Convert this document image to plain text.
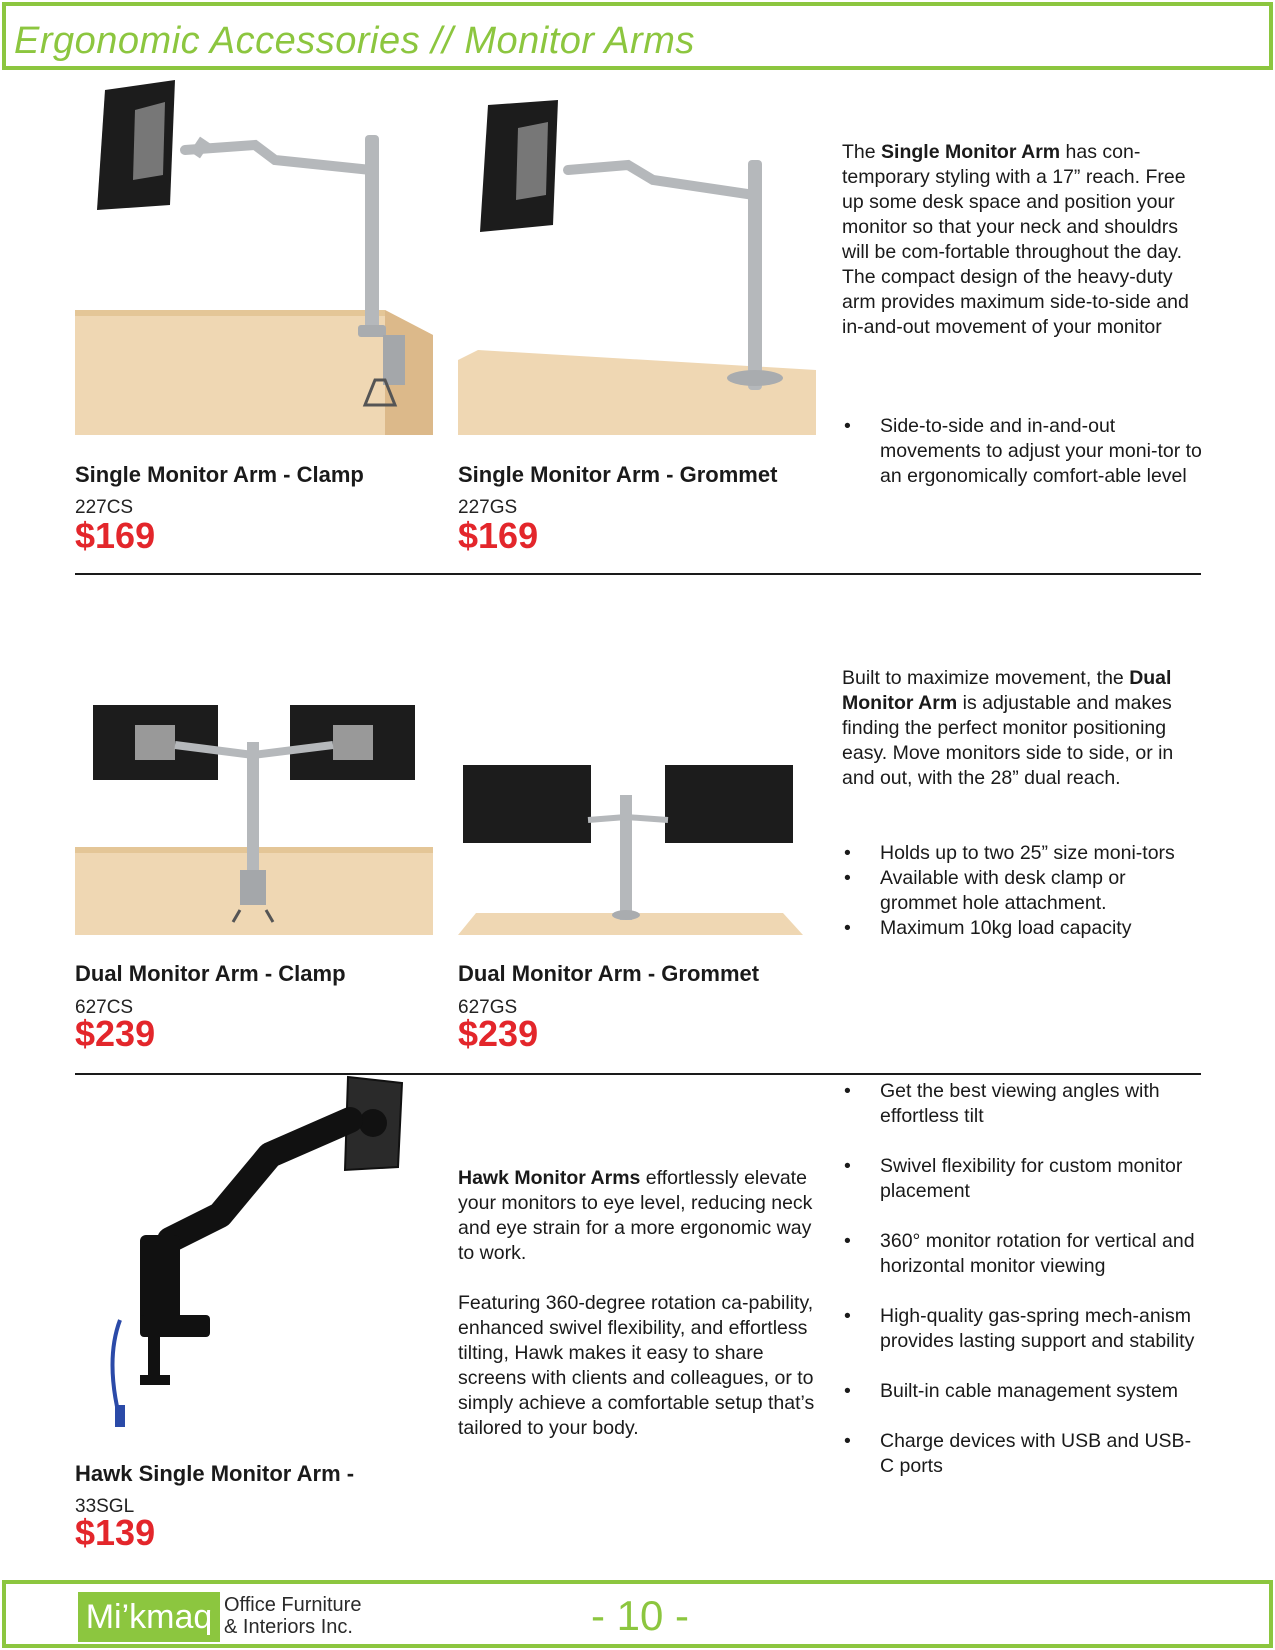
Ergonomic Accessories // Monitor Arms
Single Monitor Arm - Clamp
227CS
$169
Single Monitor Arm - Grommet
227GS
$169
The Single Monitor Arm has con-temporary styling with a 17” reach. Free up some desk space and position your monitor so that your neck and shouldrs will be com-fortable throughout the day. The compact design of the heavy-duty arm provides maximum side-to-side and in-and-out movement of your monitor
• Side-to-side and in-and-out movements to adjust your moni-tor to an ergonomically comfort-able level
Dual Monitor Arm - Clamp
627CS
$239
Dual Monitor Arm - Grommet
627GS
$239
Built to maximize movement, the Dual Monitor Arm is adjustable and makes finding the perfect monitor positioning easy. Move monitors side to side, or in and out, with the 28” dual reach.
• Holds up to two 25” size moni-tors
• Available with desk clamp or grommet hole attachment.
• Maximum 10kg load capacity
Hawk Single Monitor Arm -
33SGL
$139
Hawk Monitor Arms effortlessly elevate your monitors to eye level, reducing neck and eye strain for a more ergonomic way to work.
Featuring 360-degree rotation ca-pability, enhanced swivel flexibility, and effortless tilting, Hawk makes it easy to share screens with clients and colleagues, or to simply achieve a comfortable setup that’s tailored to your body.
• Get the best viewing angles with effortless tilt
• Swivel flexibility for custom monitor placement
• 360° monitor rotation for vertical and horizontal monitor viewing
• High-quality gas-spring mech-anism provides lasting support and stability
• Built-in cable management system
• Charge devices with USB and USB-C ports
Mi’kmaq Office Furniture
& Interiors Inc.	- 10 -
